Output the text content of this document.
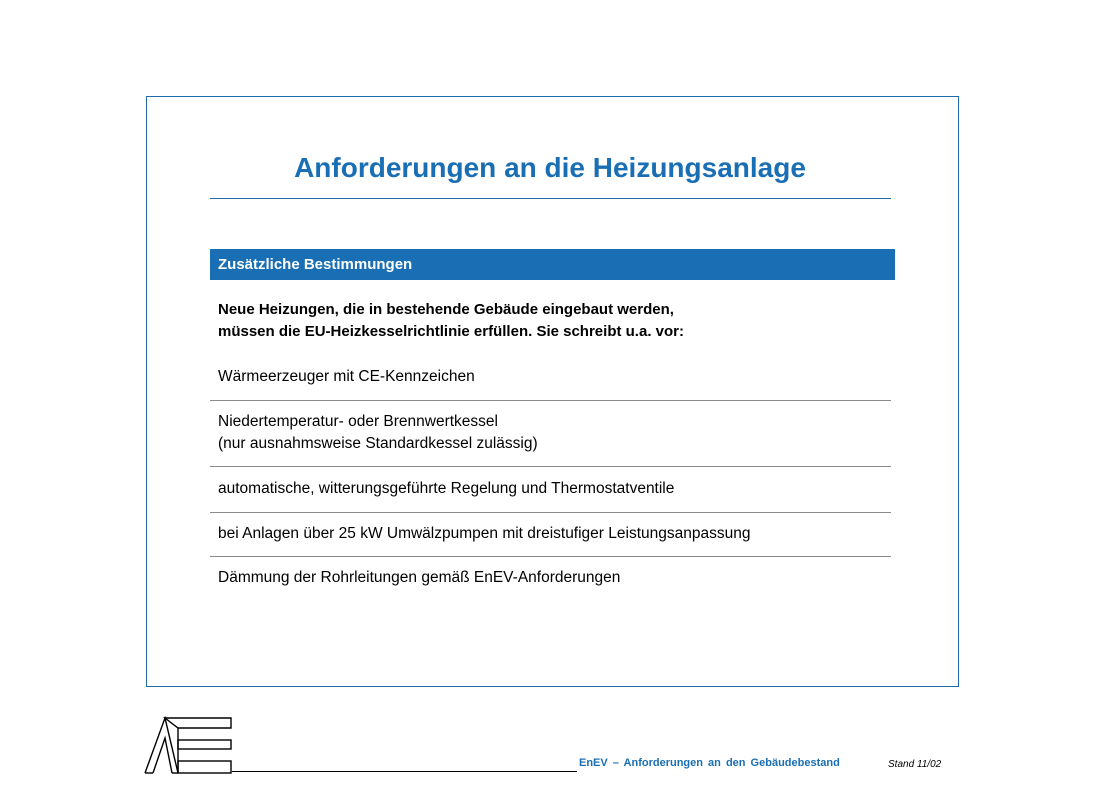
Anforderungen an die Heizungsanlage
Zusätzliche Bestimmungen
Neue Heizungen, die in bestehende Gebäude eingebaut werden,
müssen die EU-Heizkesselrichtlinie erfüllen. Sie schreibt u.a. vor:
Wärmeerzeuger mit CE-Kennzeichen
Niedertemperatur- oder Brennwertkessel
(nur ausnahmsweise Standardkessel zulässig)
automatische, witterungsgeführte Regelung und Thermostatventile
bei Anlagen über 25 kW Umwälzpumpen mit dreistufiger Leistungsanpassung
Dämmung der Rohrleitungen gemäß EnEV-Anforderungen
EnEV – Anforderungen an den Gebäudebestand	Stand 11/02
